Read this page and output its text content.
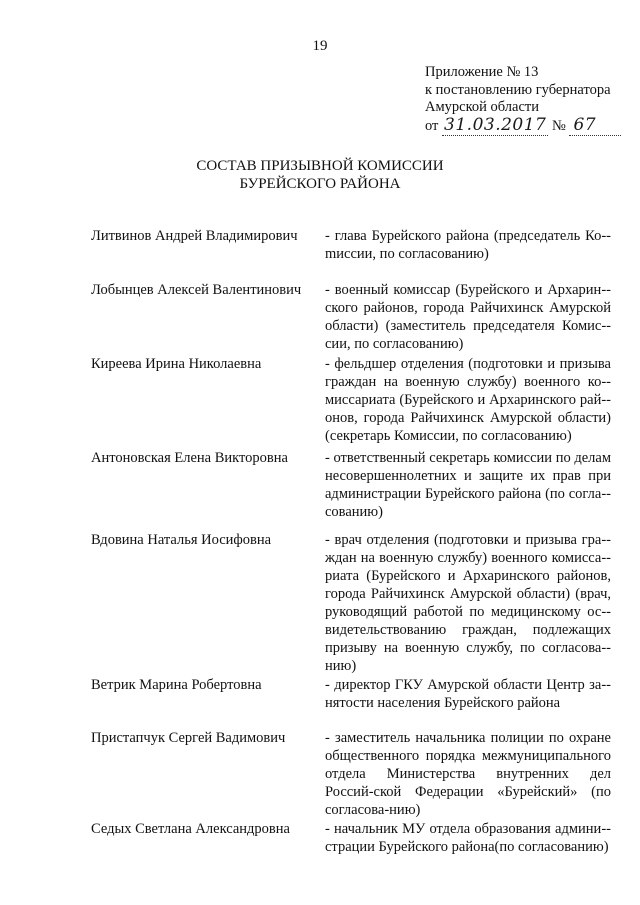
19
Приложение № 13
к постановлению губернатора
Амурской области
от 31.03.2017 № 67
СОСТАВ ПРИЗЫВНОЙ КОМИССИИ
БУРЕЙСКОГО РАЙОНА
Литвинов Андрей Владимирович - глава Бурейского района (председатель Ко-mиссии, по согласованию)
Лобынцев Алексей Валентинович - военный комиссар (Бурейского и Архарин-ского районов, города Райчихинск Амурской области) (заместитель председателя Комис-сии, по согласованию)
Киреева Ирина Николаевна	- фельдшер отделения (подготовки и призыва граждан на военную службу) военного ко-миссариата (Бурейского и Архаринского рай-онов, города Райчихинск Амурской области) (секретарь Комиссии, по согласованию)
Антоновская Елена Викторовна	- ответственный секретарь комиссии по делам несовершеннолетних и защите их прав при администрации Бурейского района (по согла-сованию)
Вдовина Наталья Иосифовна	- врач отделения (подготовки и призыва гра-ждан на военную службу) военного комисса-риата (Бурейского и Архаринского районов, города Райчихинск Амурской области) (врач, руководящий работой по медицинскому ос-видетельствованию граждан, подлежащих призыву на военную службу, по согласова-нию)
Ветрик Марина Робертовна	- директор ГКУ Амурской области Центр за-нятости населения Бурейского района
Пристапчук Сергей Вадимович	- заместитель начальника полиции по охране общественного порядка межмуниципального отдела Министерства внутренних дел Россий-ской Федерации «Бурейский» (по согласова-нию)
Седых Светлана Александровна - начальник МУ отдела образования админи-страции Бурейского района(по согласованию)
